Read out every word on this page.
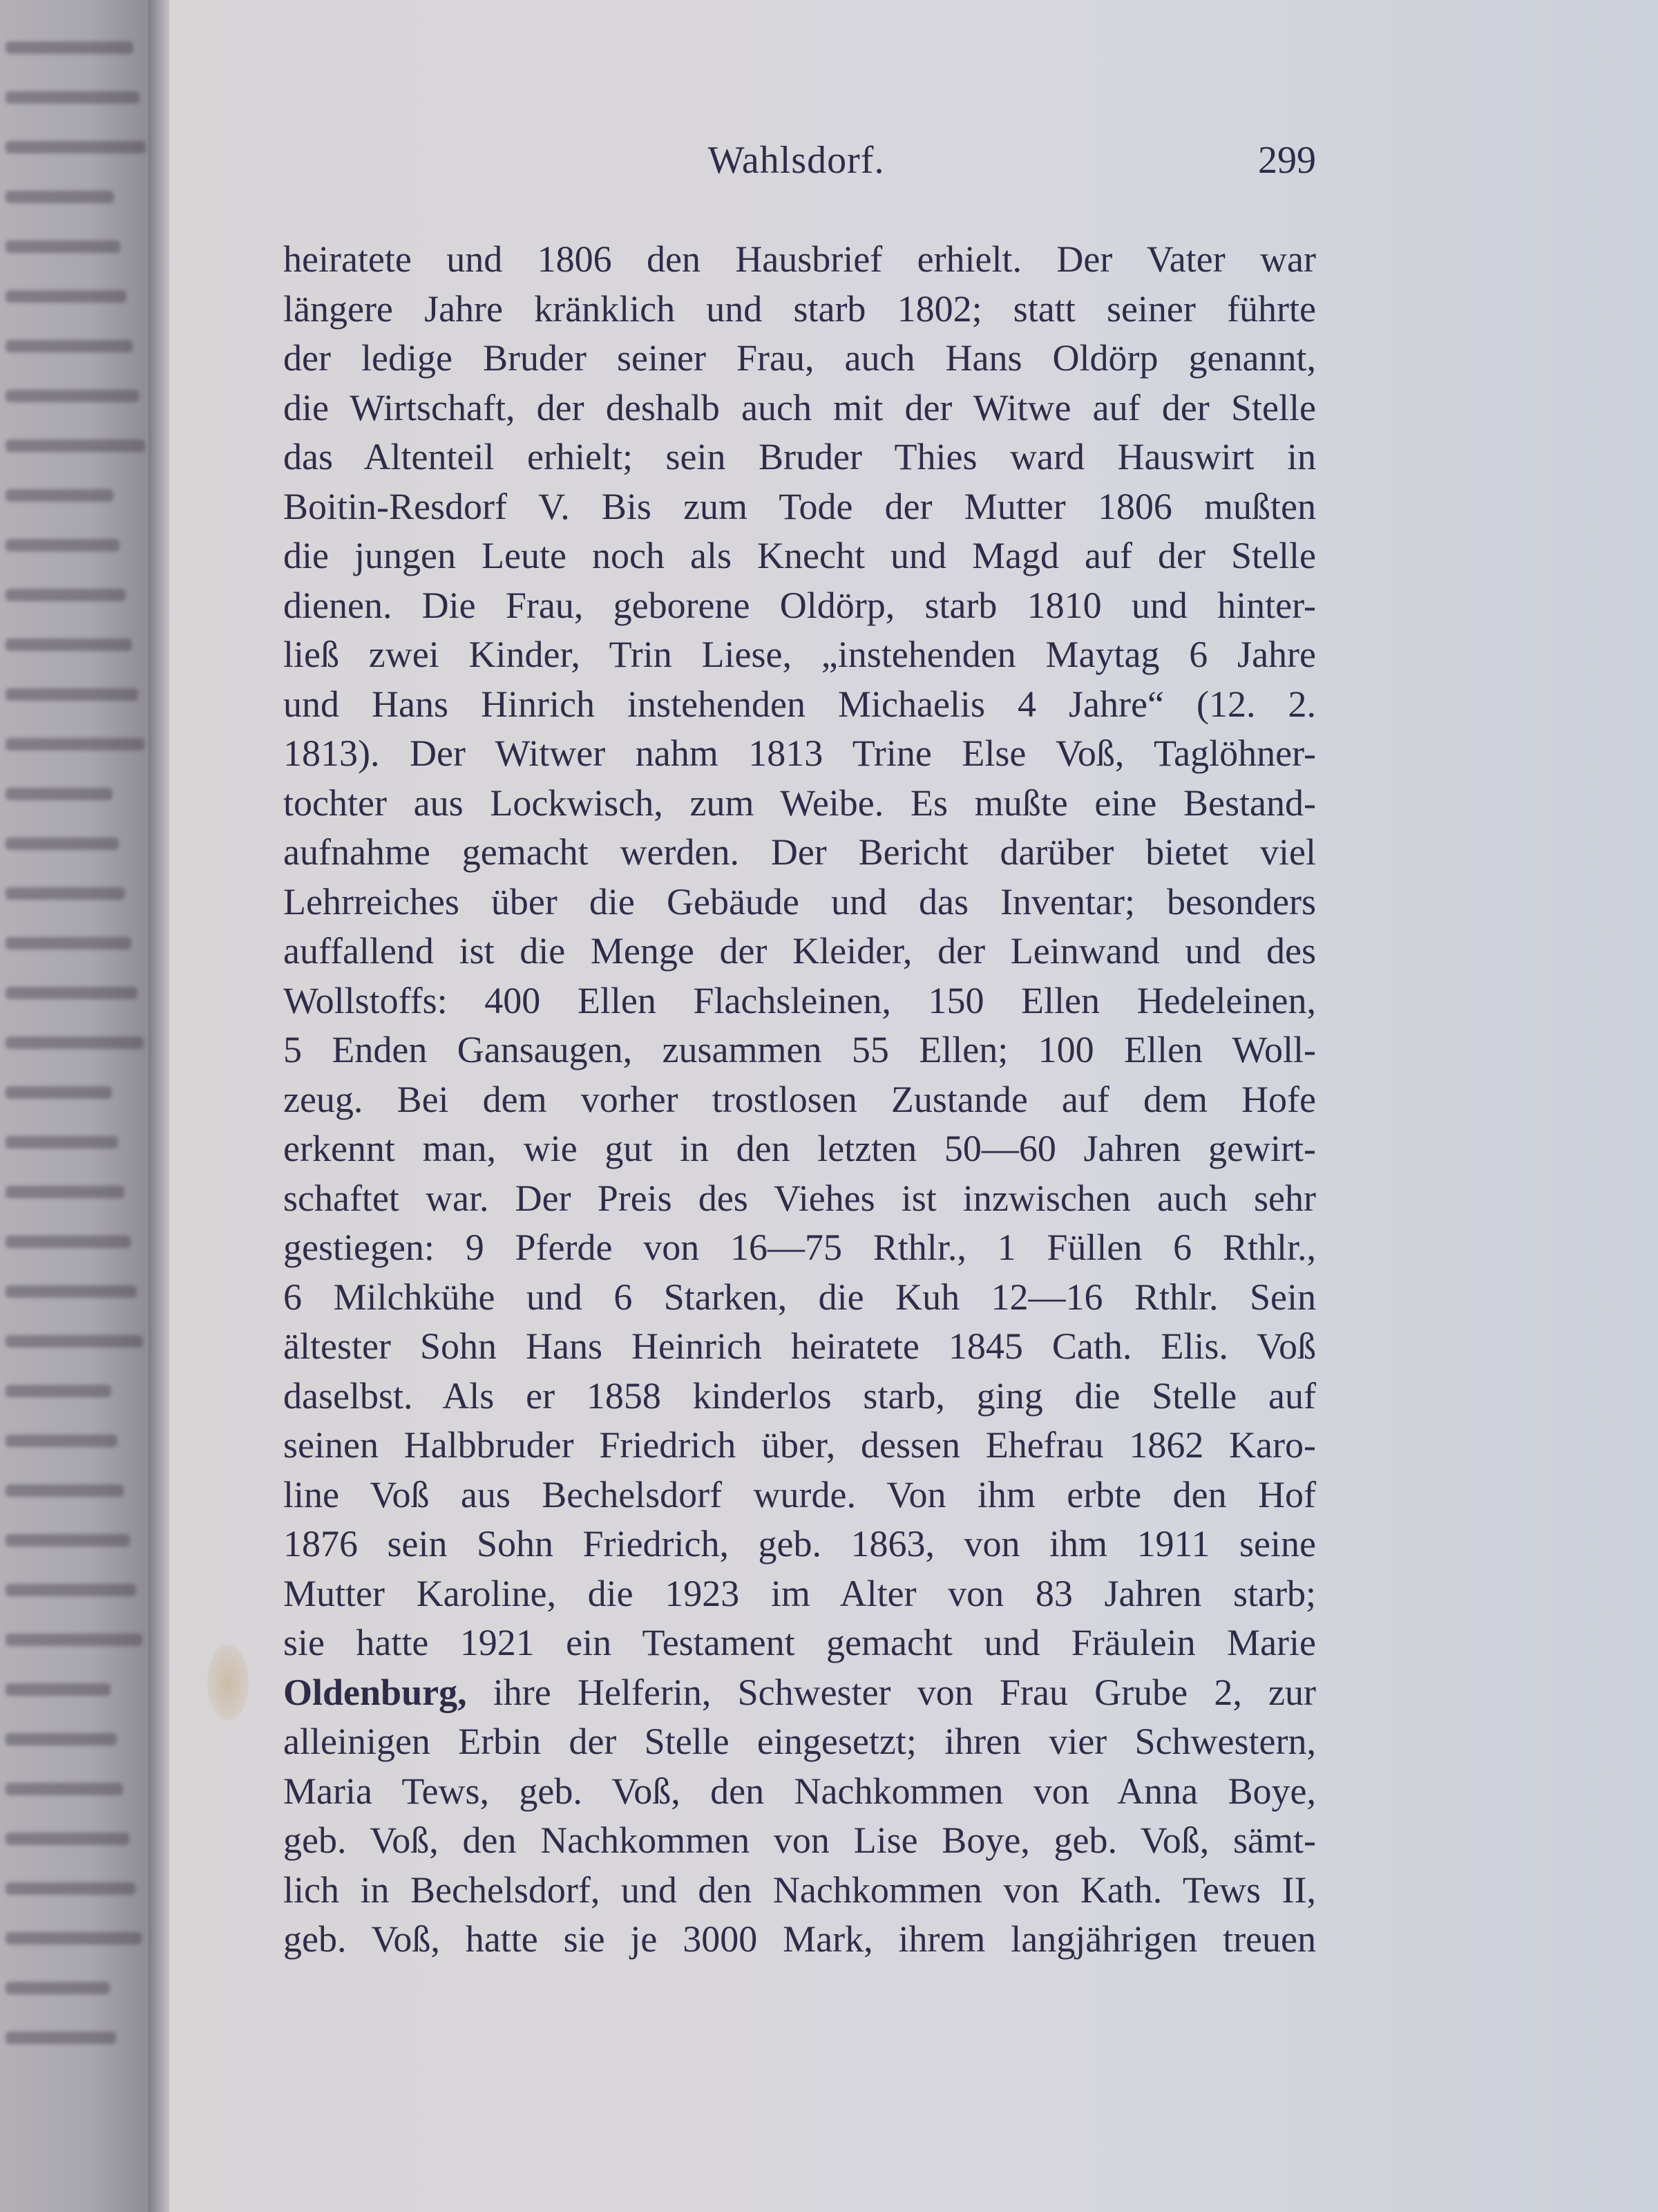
Wahlsdorf.	299
heiratete und 1806 den Hausbrief erhielt. Der Vater war
längere Jahre kränklich und starb 1802; statt seiner führte
der ledige Bruder seiner Frau, auch Hans Oldörp genannt,
die Wirtschaft, der deshalb auch mit der Witwe auf der Stelle
das Altenteil erhielt; sein Bruder Thies ward Hauswirt in
Boitin-Resdorf V. Bis zum Tode der Mutter 1806 mußten
die jungen Leute noch als Knecht und Magd auf der Stelle
dienen. Die Frau, geborene Oldörp, starb 1810 und hinter-
ließ zwei Kinder, Trin Liese, „instehenden Maytag 6 Jahre
und Hans Hinrich instehenden Michaelis 4 Jahre“ (12. 2.
1813). Der Witwer nahm 1813 Trine Else Voß, Taglöhner-
tochter aus Lockwisch, zum Weibe. Es mußte eine Bestand-
aufnahme gemacht werden. Der Bericht darüber bietet viel
Lehrreiches über die Gebäude und das Inventar; besonders
auffallend ist die Menge der Kleider, der Leinwand und des
Wollstoffs: 400 Ellen Flachsleinen, 150 Ellen Hedeleinen,
5 Enden Gansaugen, zusammen 55 Ellen; 100 Ellen Woll-
zeug. Bei dem vorher trostlosen Zustande auf dem Hofe
erkennt man, wie gut in den letzten 50—60 Jahren gewirt-
schaftet war. Der Preis des Viehes ist inzwischen auch sehr
gestiegen: 9 Pferde von 16—75 Rthlr., 1 Füllen 6 Rthlr.,
6 Milchkühe und 6 Starken, die Kuh 12—16 Rthlr. Sein
ältester Sohn Hans Heinrich heiratete 1845 Cath. Elis. Voß
daselbst. Als er 1858 kinderlos starb, ging die Stelle auf
seinen Halbbruder Friedrich über, dessen Ehefrau 1862 Karo-
line Voß aus Bechelsdorf wurde. Von ihm erbte den Hof
1876 sein Sohn Friedrich, geb. 1863, von ihm 1911 seine
Mutter Karoline, die 1923 im Alter von 83 Jahren starb;
sie hatte 1921 ein Testament gemacht und Fräulein Marie
Oldenburg, ihre Helferin, Schwester von Frau Grube 2, zur
alleinigen Erbin der Stelle eingesetzt; ihren vier Schwestern,
Maria Tews, geb. Voß, den Nachkommen von Anna Boye,
geb. Voß, den Nachkommen von Lise Boye, geb. Voß, sämt-
lich in Bechelsdorf, und den Nachkommen von Kath. Tews II,
geb. Voß, hatte sie je 3000 Mark, ihrem langjährigen treuen
